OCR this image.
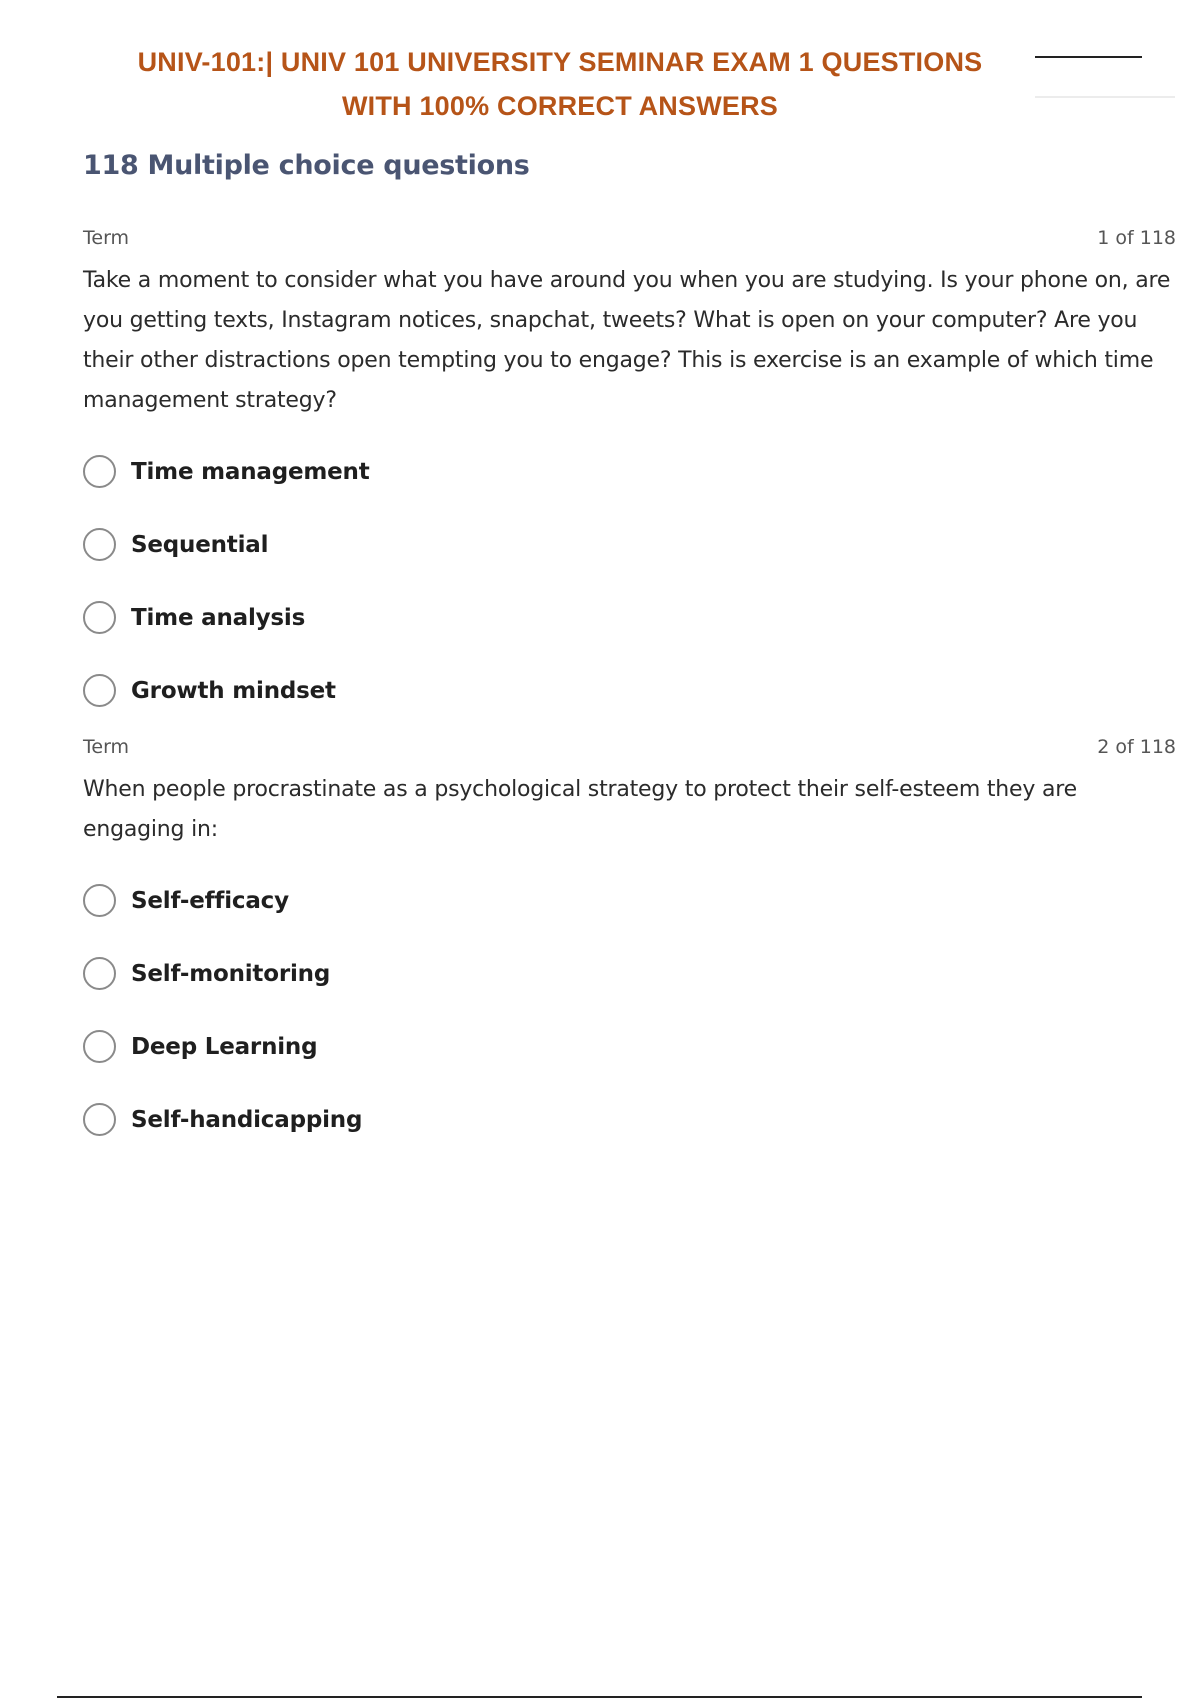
UNIV-101:| UNIV 101 UNIVERSITY SEMINAR EXAM 1 QUESTIONS
WITH 100% CORRECT ANSWERS
118 Multiple choice questions
Term	1 of 118
Take a moment to consider what you have around you when you are studying. Is your phone on, are you getting texts, Instagram notices, snapchat, tweets? What is open on your computer? Are you their other distractions open tempting you to engage? This is exercise is an example of which time management strategy?
Time management
Sequential
Time analysis
Growth mindset
Term	2 of 118
When people procrastinate as a psychological strategy to protect their self-esteem they are engaging in:
Self-efficacy
Self-monitoring
Deep Learning
Self-handicapping
